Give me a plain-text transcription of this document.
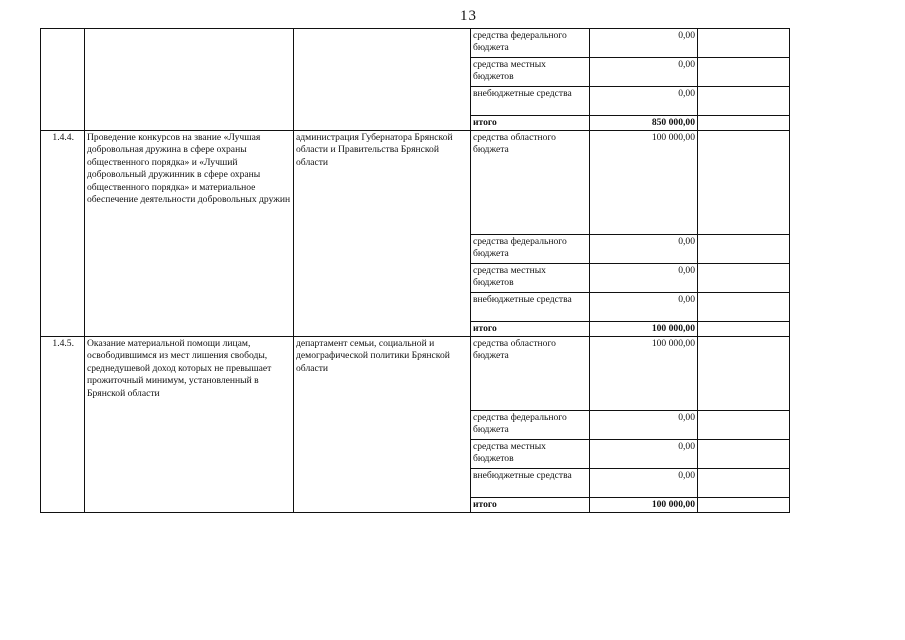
13
			средства федерального бюджета	0,00	
			средства местных бюджетов	0,00	
			внебюджетные средства	0,00	
			итого	850 000,00	
1.4.4.	Проведение конкурсов на звание «Лучшая добровольная дружина в сфере охраны общественного порядка» и «Лучший добровольный дружинник в сфере охраны общественного порядка» и материальное обеспечение деятельности добровольных дружин	администрация Губернатора Брянской области и Правительства Брянской области	средства областного бюджета	100 000,00	
			средства федерального бюджета	0,00	
			средства местных бюджетов	0,00	
			внебюджетные средства	0,00	
			итого	100 000,00	
1.4.5.	Оказание материальной помощи лицам, освободившимся из мест лишения свободы, среднедушевой доход которых не превышает прожиточный минимум, установленный в Брянской области	департамент семьи, социальной и демографической политики Брянской области	средства областного бюджета	100 000,00	
			средства федерального бюджета	0,00	
			средства местных бюджетов	0,00	
			внебюджетные средства	0,00	
			итого	100 000,00	
